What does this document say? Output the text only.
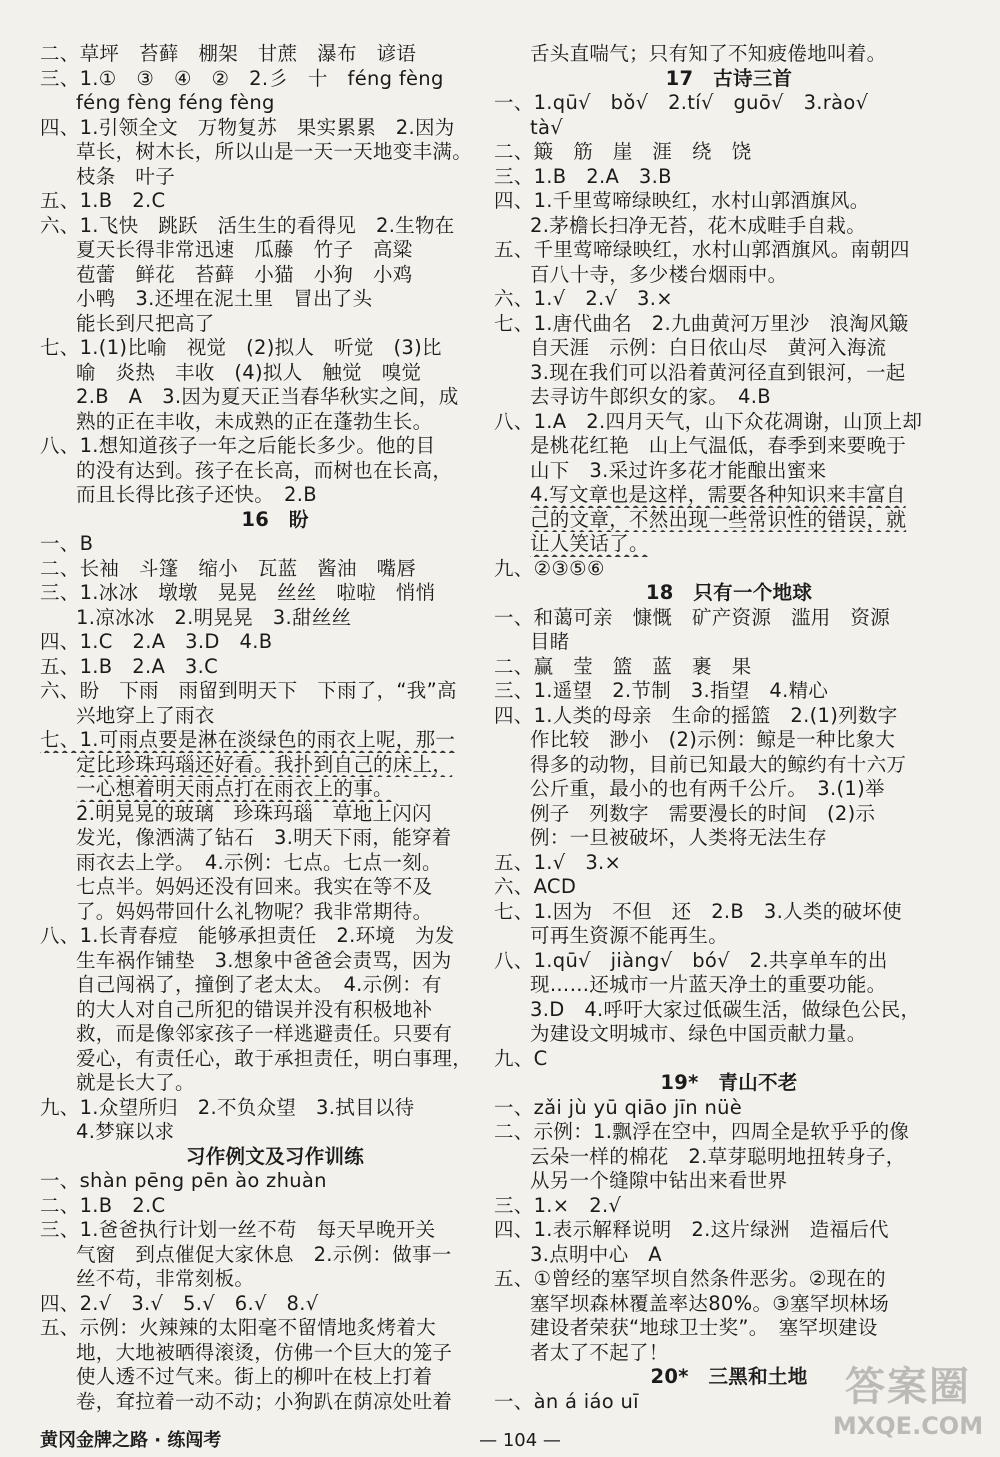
二、草坪　苔藓　棚架　甘蔗　瀑布　谚语
三、1.①　③　④　②　2.彡　十　féng fèng
féng fèng féng fèng
四、1.引领全文　万物复苏　果实累累　2.因为
草长，树木长，所以山是一天一天地变丰满。
枝条　叶子
五、1.B　2.C
六、1.飞快　跳跃　活生生的看得见　2.生物在
夏天长得非常迅速　瓜藤　竹子　高粱
苞蕾　鲜花　苔藓　小猫　小狗　小鸡
小鸭　3.还埋在泥土里　冒出了头
能长到尺把高了
七、1.(1)比喻　视觉　(2)拟人　听觉　(3)比
喻　炎热　丰收　(4)拟人　触觉　嗅觉
2.B　A　3.因为夏天正当春华秋实之间，成
熟的正在丰收，未成熟的正在蓬勃生长。
八、1.想知道孩子一年之后能长多少。他的目
的没有达到。孩子在长高，而树也在长高，
而且长得比孩子还快。　2.B
16　盼
一、B
二、长袖　斗篷　缩小　瓦蓝　酱油　嘴唇
三、1.冰冰　墩墩　晃晃　丝丝　啦啦　悄悄
1.凉冰冰　2.明晃晃　3.甜丝丝
四、1.C　2.A　3.D　4.B
五、1.B　2.A　3.C
六、盼　下雨　雨留到明天下　下雨了，“我”高
兴地穿上了雨衣
七、1.可雨点要是淋在淡绿色的雨衣上呢，那一
定比珍珠玛瑙还好看。我扑到自己的床上，
一心想着明天雨点打在雨衣上的事。
2.明晃晃的玻璃　珍珠玛瑙　草地上闪闪
发光，像洒满了钻石　3.明天下雨，能穿着
雨衣去上学。　4.示例：七点。七点一刻。
七点半。妈妈还没有回来。我实在等不及
了。妈妈带回什么礼物呢？我非常期待。
八、1.长青春痘　能够承担责任　2.环境　为发
生车祸作铺垫　3.想象中爸爸会责骂，因为
自己闯祸了，撞倒了老太太。　4.示例：有
的大人对自己所犯的错误并没有积极地补
救，而是像邻家孩子一样逃避责任。只要有
爱心，有责任心，敢于承担责任，明白事理，
就是长大了。
九、1.众望所归　2.不负众望　3.拭目以待
4.梦寐以求
习作例文及习作训练
一、shàn pēng pēn ào zhuàn
二、1.B　2.C
三、1.爸爸执行计划一丝不苟　每天早晚开关
气窗　到点催促大家休息　2.示例：做事一
丝不苟，非常刻板。
四、2.√　3.√　5.√　6.√　8.√
五、示例：火辣辣的太阳毫不留情地炙烤着大
地，大地被晒得滚烫，仿佛一个巨大的笼子
使人透不过气来。街上的柳叶在枝上打着
卷，耷拉着一动不动；小狗趴在荫凉处吐着
舌头直喘气；只有知了不知疲倦地叫着。
17　古诗三首
一、1.qū√　bǒ√　2.tí√　guō√　3.rào√
tà√
二、簸　筋　崖　涯　绕　饶
三、1.B　2.A　3.B
四、1.千里莺啼绿映红，水村山郭酒旗风。
2.茅檐长扫净无苔，花木成畦手自栽。
五、千里莺啼绿映红，水村山郭酒旗风。南朝四
百八十寺，多少楼台烟雨中。
六、1.√　2.√　3.×
七、1.唐代曲名　2.九曲黄河万里沙　浪淘风簸
自天涯　示例：白日依山尽　黄河入海流
3.现在我们可以沿着黄河径直到银河，一起
去寻访牛郎织女的家。　4.B
八、1.A　2.四月天气，山下众花凋谢，山顶上却
是桃花红艳　山上气温低，春季到来要晚于
山下　3.采过许多花才能酿出蜜来
4.写文章也是这样，需要各种知识来丰富自
己的文章，不然出现一些常识性的错误，就
让人笑话了。
九、②③⑤⑥
18　只有一个地球
一、和蔼可亲　慷慨　矿产资源　滥用　资源
目睹
二、赢　莹　篮　蓝　裹　果
三、1.遥望　2.节制　3.指望　4.精心
四、1.人类的母亲　生命的摇篮　2.(1)列数字
作比较　渺小　(2)示例：鲸是一种比象大
得多的动物，目前已知最大的鲸约有十六万
公斤重，最小的也有两千公斤。　3.(1)举
例子　列数字　需要漫长的时间　(2)示
例：一旦被破坏，人类将无法生存
五、1.√　3.×
六、ACD
七、1.因为　不但　还　2.B　3.人类的破坏使
可再生资源不能再生。
八、1.qū√　jiàng√　bó√　2.共享单车的出
现……还城市一片蓝天净土的重要功能。
3.D　4.呼吁大家过低碳生活，做绿色公民，
为建设文明城市、绿色中国贡献力量。
九、C
19*　青山不老
一、zǎi jù yū qiāo jīn nüè
二、示例：1.飘浮在空中，四周全是软乎乎的像
云朵一样的棉花　2.草芽聪明地扭转身子，
从另一个缝隙中钻出来看世界
三、1.×　2.√
四、1.表示解释说明　2.这片绿洲　造福后代
3.点明中心　A
五、①曾经的塞罕坝自然条件恶劣。②现在的
塞罕坝森林覆盖率达80%。③塞罕坝林场
建设者荣获“地球卫士奖”。　塞罕坝建设
者太了不起了！
20*　三黑和土地
一、àn á iáo uī
黄冈金牌之路 · 练闯考	— 104 —
答案圈
MXQE.COM
